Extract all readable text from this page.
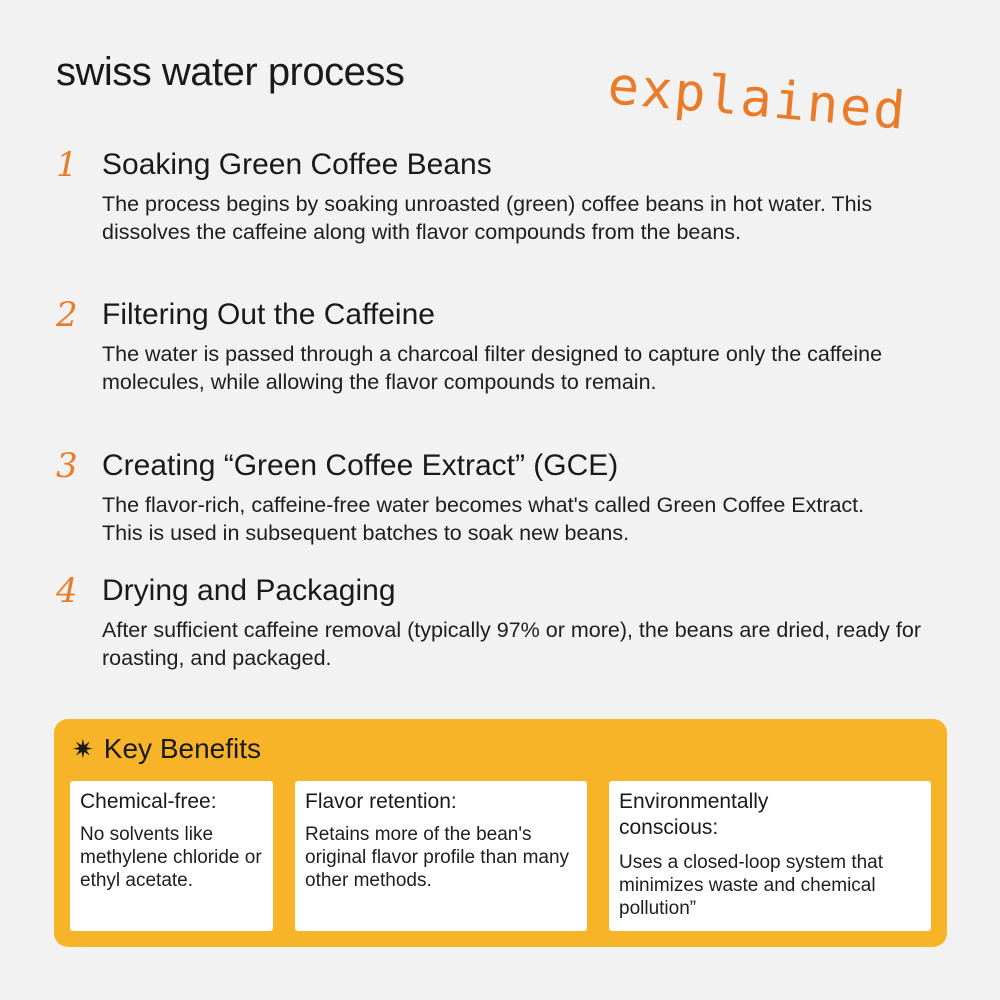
swiss water process	explained
1 Soaking Green Coffee Beans
The process begins by soaking unroasted (green) coffee beans in hot water. This dissolves the caffeine along with flavor compounds from the beans.
2 Filtering Out the Caffeine
The water is passed through a charcoal filter designed to capture only the caffeine molecules, while allowing the flavor compounds to remain.
3 Creating “Green Coffee Extract” (GCE)
The flavor-rich, caffeine-free water becomes what's called Green Coffee Extract. This is used in subsequent batches to soak new beans.
4 Drying and Packaging
After sufficient caffeine removal (typically 97% or more), the beans are dried, ready for roasting, and packaged.
✷ Key Benefits
Chemical-free:
No solvents like methylene chloride or ethyl acetate.
Flavor retention:
Retains more of the bean's original flavor profile than many other methods.
Environmentally conscious:
Uses a closed-loop system that minimizes waste and chemical pollution”
